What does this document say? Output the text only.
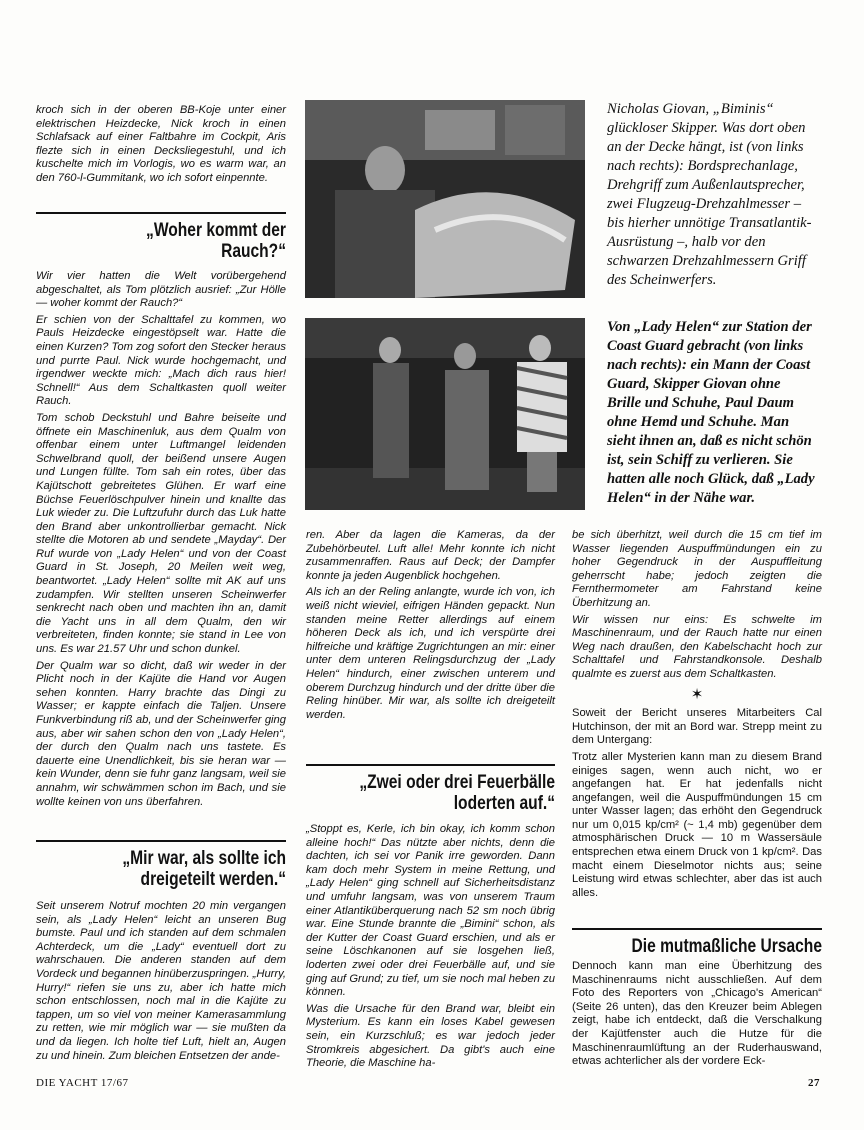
kroch sich in der oberen BB-Koje unter einer elektrischen Heizdecke, Nick kroch in einen Schlafsack auf einer Faltbahre im Cockpit, Aris flezte sich in einen Decksliegestuhl, und ich kuschelte mich im Vorlogis, wo es warm war, an den 760-l-Gummitank, wo ich sofort einpennte.

„Woher kommt der Rauch?“

Wir vier hatten die Welt vorübergehend abgeschaltet, als Tom plötzlich ausrief: „Zur Hölle — woher kommt der Rauch?“

Er schien von der Schalttafel zu kommen, wo Pauls Heizdecke eingestöpselt war. Hatte die einen Kurzen? Tom zog sofort den Stecker heraus und purrte Paul. Nick wurde hochgemacht, und irgendwer weckte mich: „Mach dich raus hier! Schnell!“ Aus dem Schaltkasten quoll weiter Rauch.

Tom schob Deckstuhl und Bahre beiseite und öffnete ein Maschinenluk, aus dem Qualm von offenbar einem unter Luftmangel leidenden Schwelbrand quoll, der beißend unsere Augen und Lungen füllte. Tom sah ein rotes, über das Kajütschott gebreitetes Glühen. Er warf eine Büchse Feuerlöschpulver hinein und knallte das Luk wieder zu. Die Luftzufuhr durch das Luk hatte den Brand aber unkontrollierbar gemacht. Nick stellte die Motoren ab und sendete „Mayday“. Der Ruf wurde von „Lady Helen“ und von der Coast Guard in St. Joseph, 20 Meilen weit weg, beantwortet. „Lady Helen“ sollte mit AK auf uns zudampfen. Wir stellten unseren Scheinwerfer senkrecht nach oben und machten ihn an, damit die Yacht uns in all dem Qualm, den wir verbreiteten, finden konnte; sie stand in Lee von uns. Es war 21.57 Uhr und schon dunkel.

Der Qualm war so dicht, daß wir weder in der Plicht noch in der Kajüte die Hand vor Augen sehen konnten. Harry brachte das Dingi zu Wasser; er kappte einfach die Taljen. Unsere Funkverbindung riß ab, und der Scheinwerfer ging aus, aber wir sahen schon den von „Lady Helen“, der durch den Qualm nach uns tastete. Es dauerte eine Unendlichkeit, bis sie heran war — kein Wunder, denn sie fuhr ganz langsam, weil sie annahm, wir schwämmen schon im Bach, und sie wollte keinen von uns überfahren.

„Mir war, als sollte ich dreigeteilt werden.“

Seit unserem Notruf mochten 20 min vergangen sein, als „Lady Helen“ leicht an unseren Bug bumste. Paul und ich standen auf dem schmalen Achterdeck, um die „Lady“ eventuell dort zu wahrschauen. Die anderen standen auf dem Vordeck und begannen hinüberzuspringen. „Hurry, Hurry!“ riefen sie uns zu, aber ich hatte mich schon entschlossen, noch mal in die Kajüte zu tappen, um so viel von meiner Kamerasammlung zu retten, wie mir möglich war — sie mußten da und da liegen. Ich holte tief Luft, hielt an, Augen zu und hinein. Zum bleichen Entsetzen der ande-

Nicholas Giovan, „Biminis“ glückloser Skipper. Was dort oben an der Decke hängt, ist (von links nach rechts): Bordsprechanlage, Drehgriff zum Außenlautsprecher, zwei Flugzeug-Drehzahlmesser – bis hierher unnötige Transatlantik-Ausrüstung –, halb vor den schwarzen Drehzahlmessern Griff des Scheinwerfers.
Von „Lady Helen“ zur Station der Coast Guard gebracht (von links nach rechts): ein Mann der Coast Guard, Skipper Giovan ohne Brille und Schuhe, Paul Daum ohne Hemd und Schuhe. Man sieht ihnen an, daß es nicht schön ist, sein Schiff zu verlieren. Sie hatten alle noch Glück, daß „Lady Helen“ in der Nähe war.

ren. Aber da lagen die Kameras, da der Zubehörbeutel. Luft alle! Mehr konnte ich nicht zusammenraffen. Raus auf Deck; der Dampfer konnte ja jeden Augenblick hochgehen.

Als ich an der Reling anlangte, wurde ich von, ich weiß nicht wieviel, eifrigen Händen gepackt. Nun standen meine Retter allerdings auf einem höheren Deck als ich, und ich verspürte drei hilfreiche und kräftige Zugrichtungen an mir: einer unter dem unteren Relingsdurchzug der „Lady Helen“ hindurch, einer zwischen unterem und oberem Durchzug hindurch und der dritte über die Reling hinüber. Mir war, als sollte ich dreigeteilt werden.

„Zwei oder drei Feuerbälle loderten auf.“

„Stoppt es, Kerle, ich bin okay, ich komm schon alleine hoch!“ Das nützte aber nichts, denn die dachten, ich sei vor Panik irre geworden. Dann kam doch mehr System in meine Rettung, und „Lady Helen“ ging schnell auf Sicherheitsdistanz und umfuhr langsam, was von unserem Traum einer Atlantiküberquerung nach 52 sm noch übrig war. Eine Stunde brannte die „Bimini“ schon, als der Kutter der Coast Guard erschien, und als er seine Löschkanonen auf sie losgehen ließ, loderten zwei oder drei Feuerbälle auf, und sie ging auf Grund; zu tief, um sie noch mal heben zu können.

Was die Ursache für den Brand war, bleibt ein Mysterium. Es kann ein loses Kabel gewesen sein, ein Kurzschluß; es war jedoch jeder Stromkreis abgesichert. Da gibt's auch eine Theorie, die Maschine ha-

be sich überhitzt, weil durch die 15 cm tief im Wasser liegenden Auspuffmündungen ein zu hoher Gegendruck in der Auspuffleitung geherrscht habe; jedoch zeigten die Fernthermometer am Fahrstand keine Überhitzung an.

Wir wissen nur eins: Es schwelte im Maschinenraum, und der Rauch hatte nur einen Weg nach draußen, den Kabelschacht hoch zur Schalttafel und Fahrstandkonsole. Deshalb qualmte es zuerst aus dem Schaltkasten.

✶

Soweit der Bericht unseres Mitarbeiters Cal Hutchinson, der mit an Bord war. Strepp meint zu dem Untergang:

Trotz aller Mysterien kann man zu diesem Brand einiges sagen, wenn auch nicht, wo er angefangen hat. Er hat jedenfalls nicht angefangen, weil die Auspuffmündungen 15 cm unter Wasser lagen; das erhöht den Gegendruck nur um 0,015 kp/cm² (~ 1,4 mb) gegenüber dem atmosphärischen Druck — 10 m Wassersäule entsprechen etwa einem Druck von 1 kp/cm². Das macht einem Dieselmotor nichts aus; seine Leistung wird etwas schlechter, aber das ist auch alles.

Die mutmaßliche Ursache

Dennoch kann man eine Überhitzung des Maschinenraums nicht ausschließen. Auf dem Foto des Reporters von „Chicago's American“ (Seite 26 unten), das den Kreuzer beim Ablegen zeigt, habe ich entdeckt, daß die Verschalkung der Kajütfenster auch die Hutze für die Maschinenraumlüftung an der Ruderhauswand, etwas achterlicher als der vordere Eck-

DIE YACHT 17/67	27
